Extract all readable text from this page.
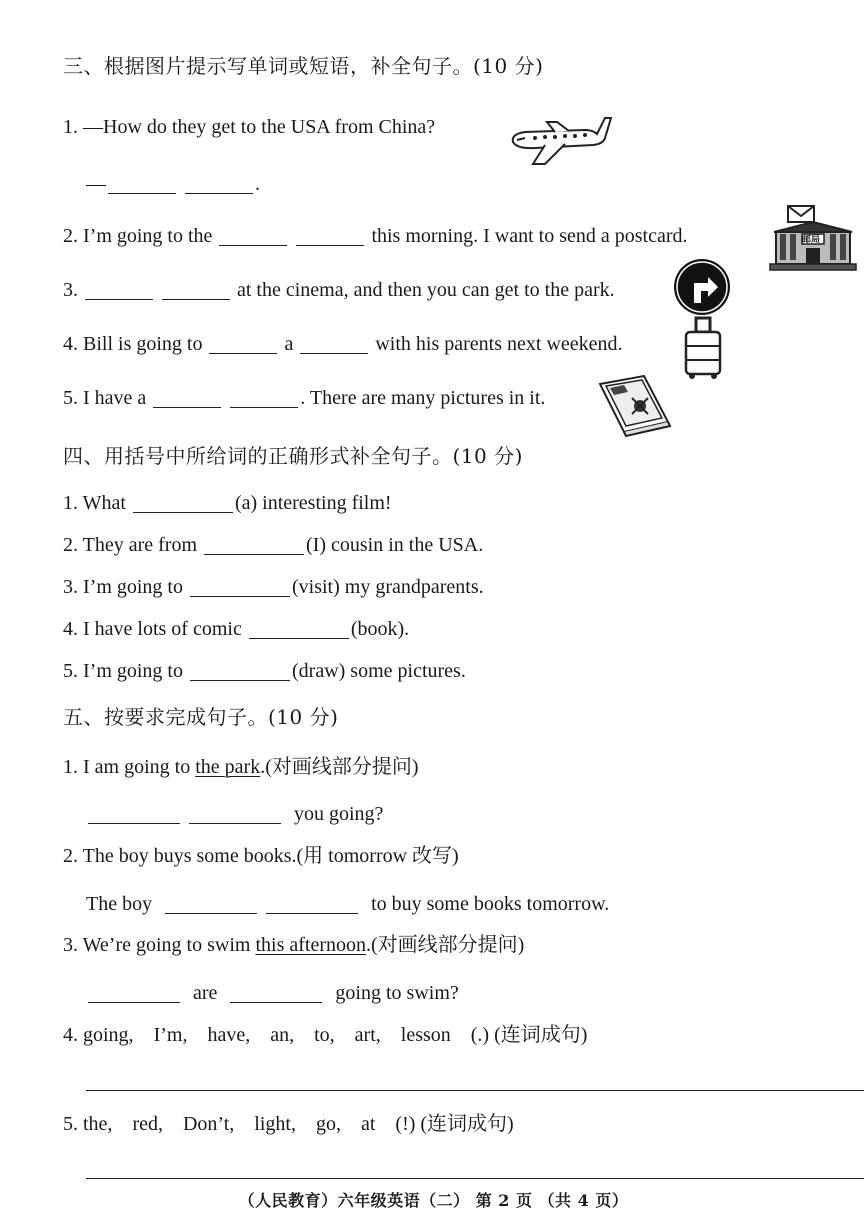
三、根据图片提示写单词或短语，补全句子。(10 分)
1. —How do they get to the USA from China?
—	.
2. I’m going to the	this morning. I want to send a postcard.
3.	at the cinema, and then you can get to the park.
4. Bill is going to	a	with his parents next weekend.
5. I have a	. There are many pictures in it.
邮局
四、用括号中所给词的正确形式补全句子。(10 分)
1. What	(a) interesting film!
2. They are from	(I) cousin in the USA.
3. I’m going to	(visit) my grandparents.
4. I have lots of comic	(book).
5. I’m going to	(draw) some pictures.
五、按要求完成句子。(10 分)
1. I am going to the park.(对画线部分提问)
you going?
2. The boy buys some books.(用 tomorrow 改写)
The boy	to buy some books tomorrow.
3. We’re going to swim this afternoon.(对画线部分提问)
are	going to swim?
4. going, I’m, have, an, to, art, lesson (.) (连词成句)
5. the, red, Don’t, light, go, at (!) (连词成句)
（人民教育）六年级英语（二） 第 2 页 （共 4 页）
